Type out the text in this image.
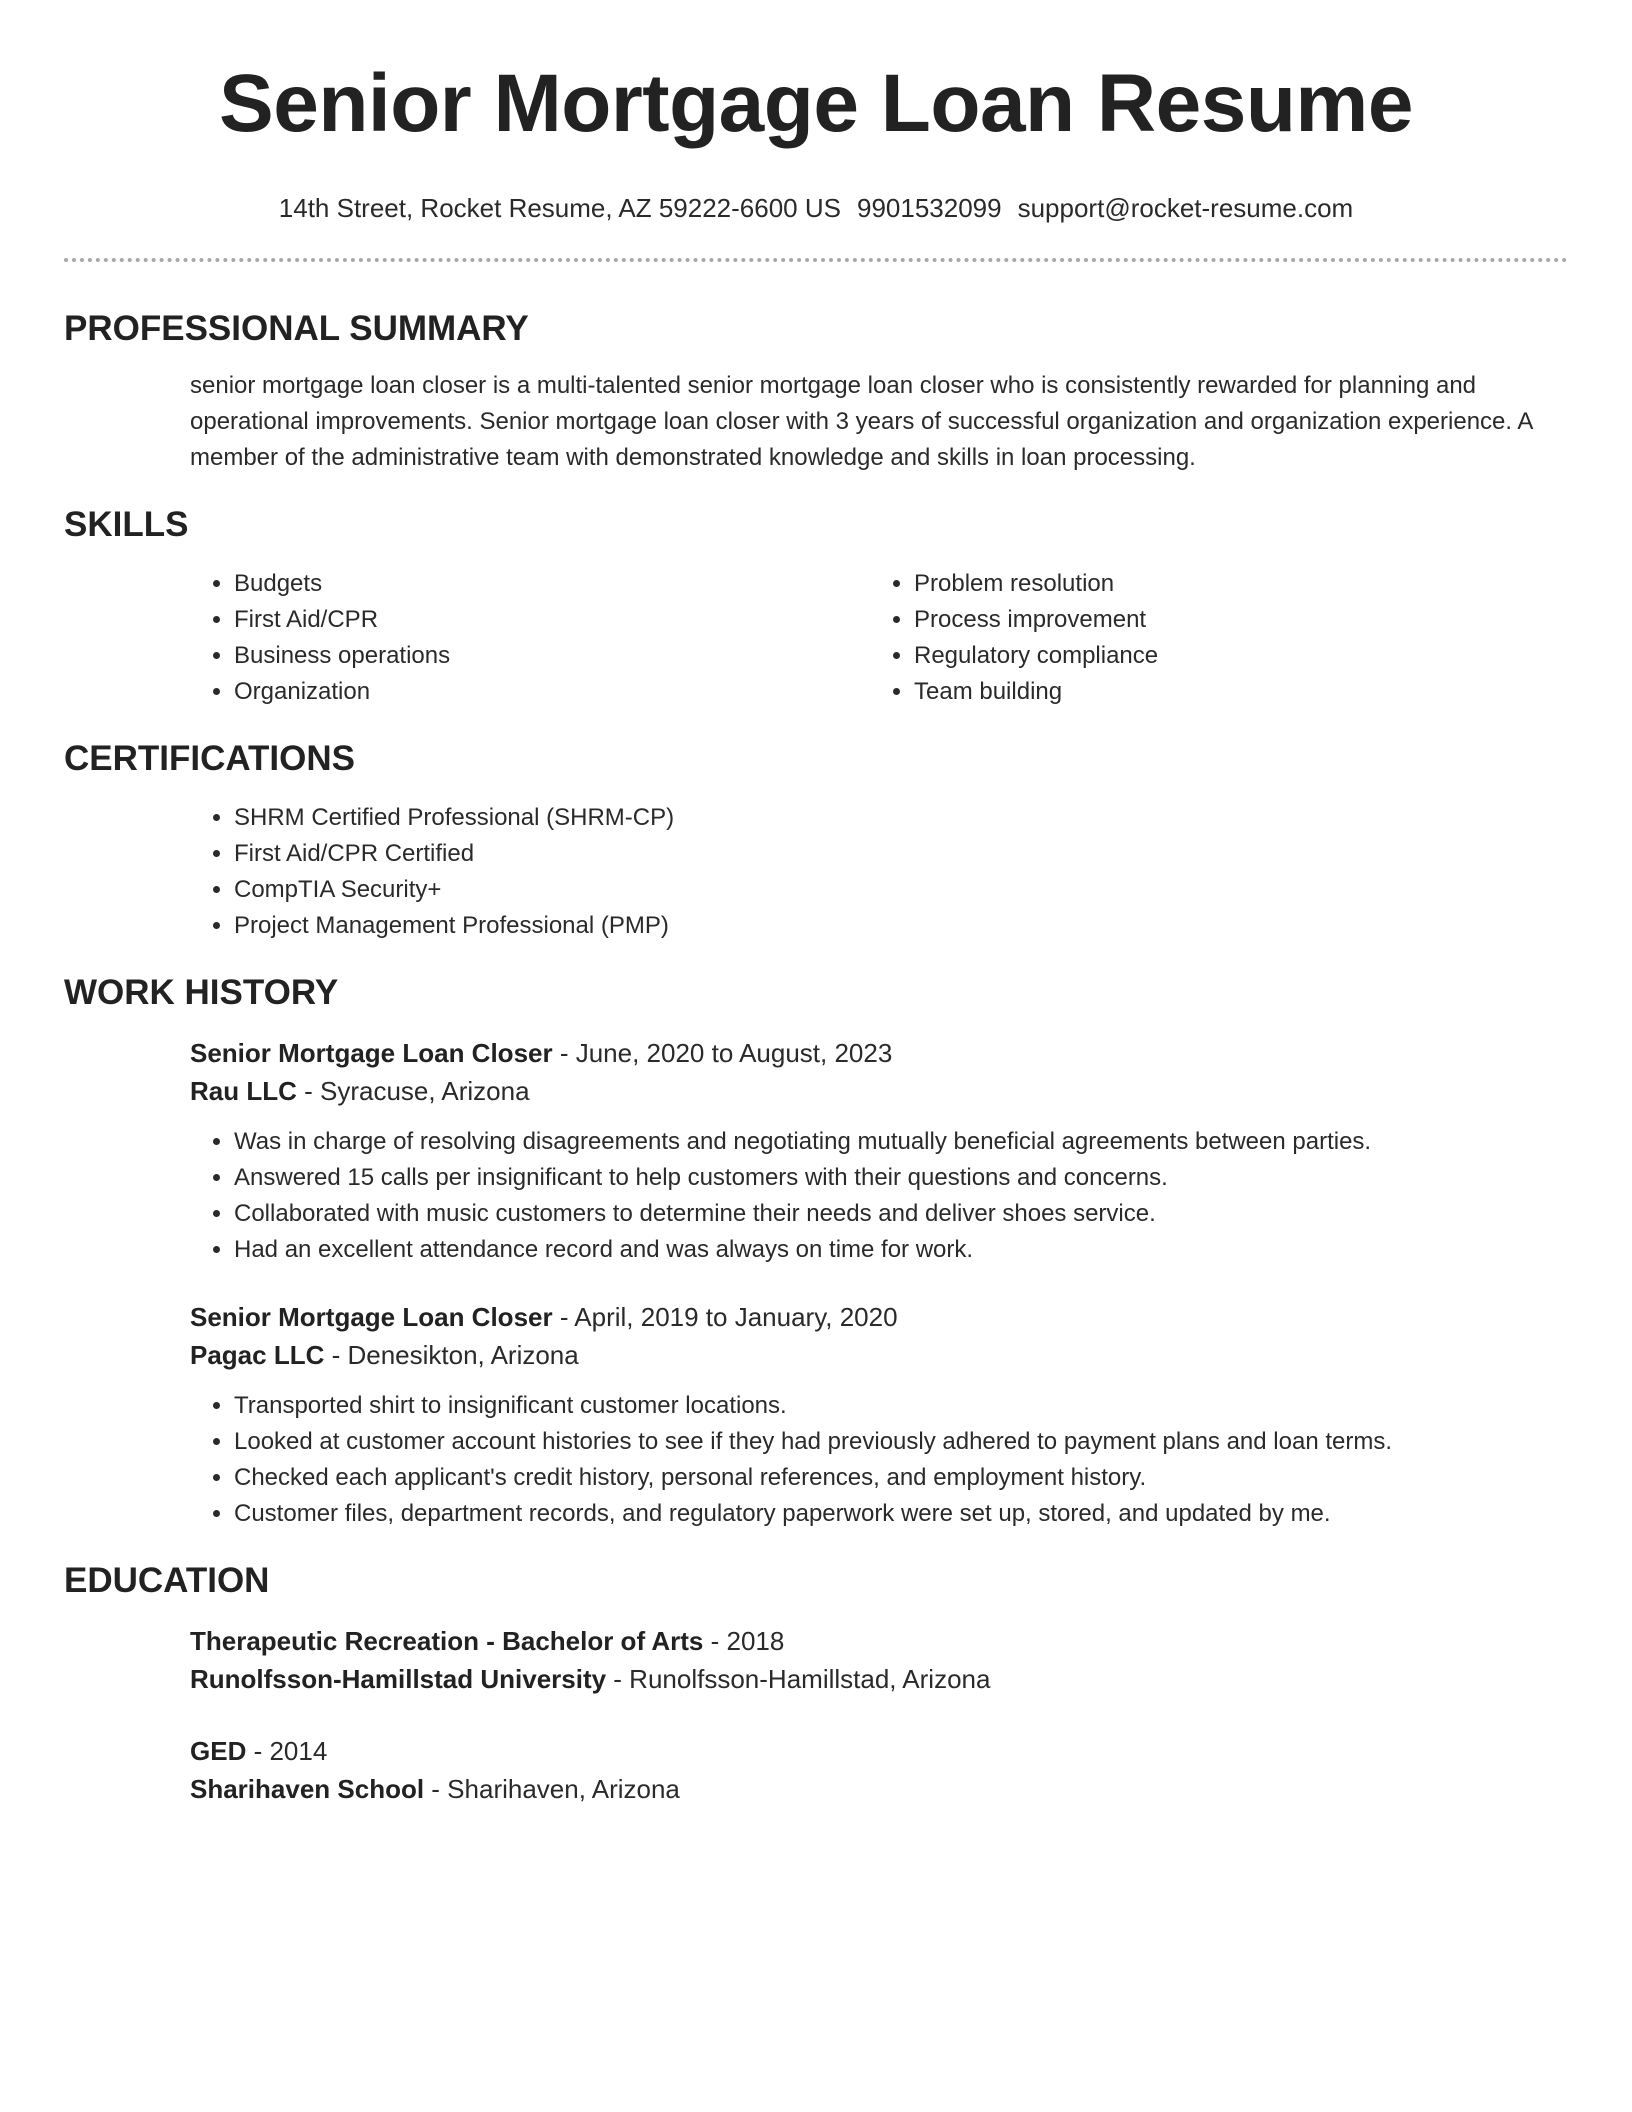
Senior Mortgage Loan Resume
14th Street, Rocket Resume, AZ 59222-6600 US 9901532099 support@rocket-resume.com
PROFESSIONAL SUMMARY

senior mortgage loan closer is a multi-talented senior mortgage loan closer who is consistently rewarded for planning and operational improvements. Senior mortgage loan closer with 3 years of successful organization and organization experience. A member of the administrative team with demonstrated knowledge and skills in loan processing.

SKILLS
• Budgets
• First Aid/CPR
• Business operations
• Organization
• Problem resolution
• Process improvement
• Regulatory compliance
• Team building
CERTIFICATIONS
• SHRM Certified Professional (SHRM-CP)
• First Aid/CPR Certified
• CompTIA Security+
• Project Management Professional (PMP)
WORK HISTORY

Senior Mortgage Loan Closer - June, 2020 to August, 2023

Rau LLC - Syracuse, Arizona

• Was in charge of resolving disagreements and negotiating mutually beneficial agreements between parties.
• Answered 15 calls per insignificant to help customers with their questions and concerns.
• Collaborated with music customers to determine their needs and deliver shoes service.
• Had an excellent attendance record and was always on time for work.

Senior Mortgage Loan Closer - April, 2019 to January, 2020

Pagac LLC - Denesikton, Arizona

• Transported shirt to insignificant customer locations.
• Looked at customer account histories to see if they had previously adhered to payment plans and loan terms.
• Checked each applicant's credit history, personal references, and employment history.
• Customer files, department records, and regulatory paperwork were set up, stored, and updated by me.
EDUCATION

Therapeutic Recreation - Bachelor of Arts - 2018

Runolfsson-Hamillstad University - Runolfsson-Hamillstad, Arizona

GED - 2014

Sharihaven School - Sharihaven, Arizona
